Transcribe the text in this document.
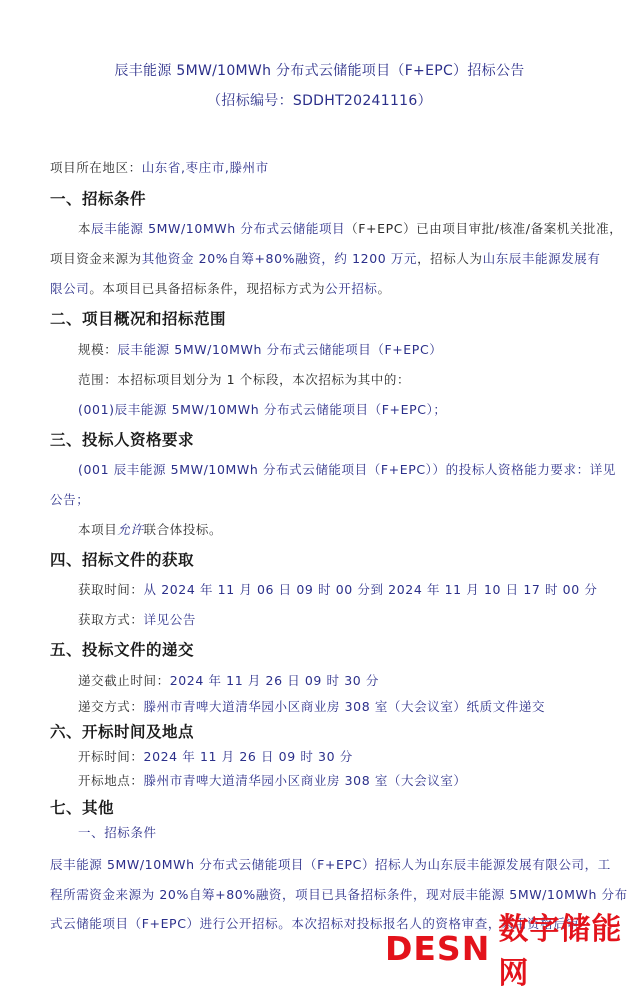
辰丰能源 5MW/10MWh 分布式云储能项目（F+EPC）招标公告
（招标编号：SDDHT20241116）
项目所在地区：山东省,枣庄市,滕州市
一、招标条件
本辰丰能源 5MW/10MWh 分布式云储能项目（F+EPC）已由项目审批/核准/备案机关批准，
项目资金来源为其他资金 20%自筹+80%融资，约 1200 万元，招标人为山东辰丰能源发展有
限公司。本项目已具备招标条件，现招标方式为公开招标。
二、项目概况和招标范围
规模：辰丰能源 5MW/10MWh 分布式云储能项目（F+EPC）
范围：本招标项目划分为 1 个标段，本次招标为其中的：
(001)辰丰能源 5MW/10MWh 分布式云储能项目（F+EPC）；
三、投标人资格要求
(001 辰丰能源 5MW/10MWh 分布式云储能项目（F+EPC））的投标人资格能力要求：详见
公告；
本项目允许联合体投标。
四、招标文件的获取
获取时间：从 2024 年 11 月 06 日 09 时 00 分到 2024 年 11 月 10 日 17 时 00 分
获取方式：详见公告
五、投标文件的递交
递交截止时间：2024 年 11 月 26 日 09 时 30 分
递交方式：滕州市青啤大道清华园小区商业房 308 室（大会议室）纸质文件递交
六、开标时间及地点
开标时间：2024 年 11 月 26 日 09 时 30 分
开标地点：滕州市青啤大道清华园小区商业房 308 室（大会议室）
七、其他
一、招标条件
辰丰能源 5MW/10MWh 分布式云储能项目（F+EPC）招标人为山东辰丰能源发展有限公司，工
程所需资金来源为 20%自筹+80%融资，项目已具备招标条件，现对辰丰能源 5MW/10MWh 分布
式云储能项目（F+EPC）进行公开招标。本次招标对投标报名人的资格审查，采用资格后审
DESN 数字储能网
